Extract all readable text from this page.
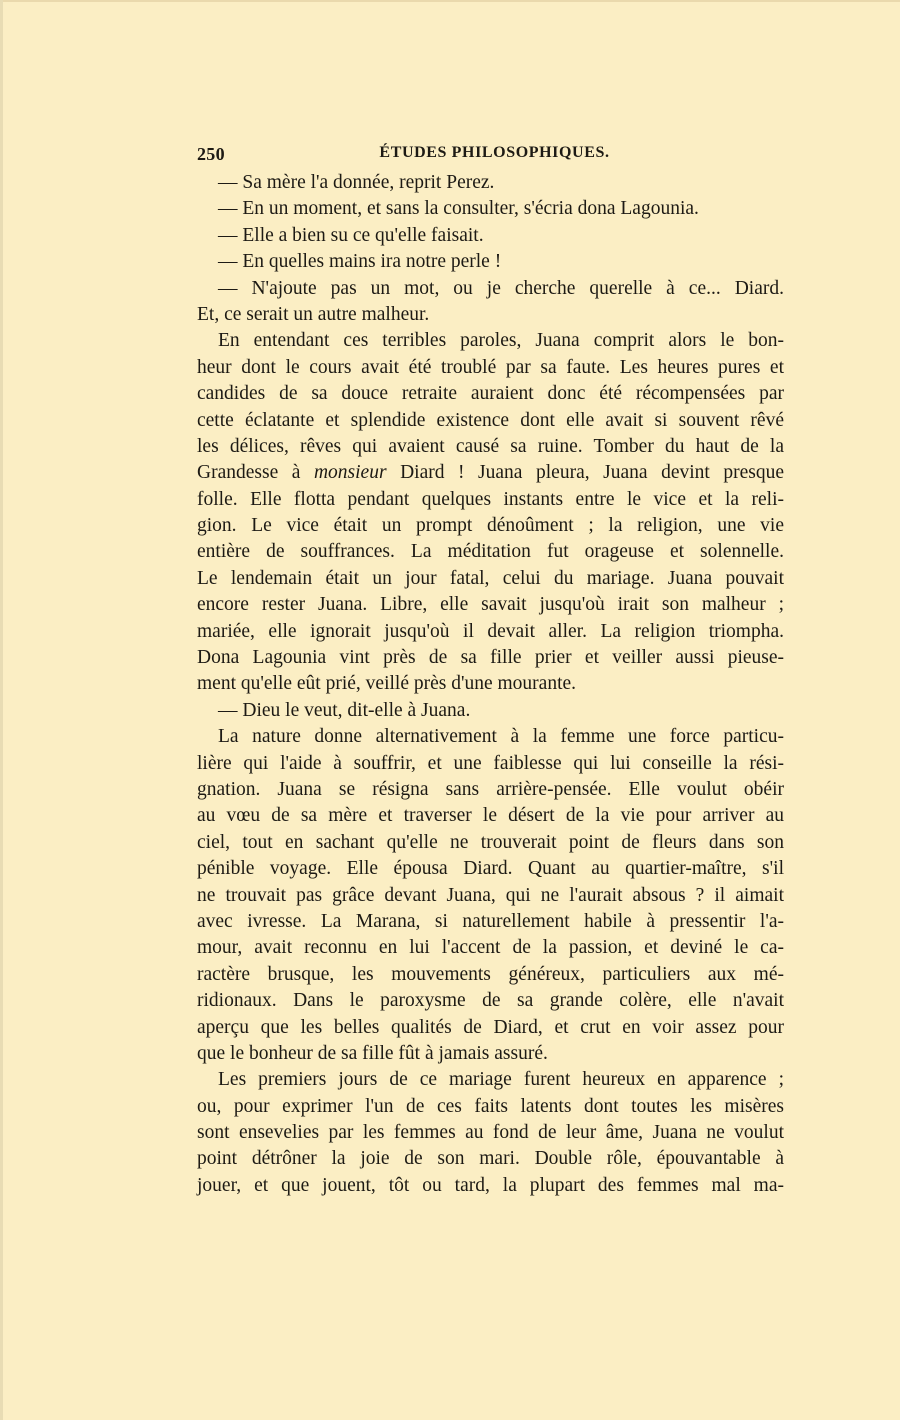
250	ÉTUDES PHILOSOPHIQUES.
— Sa mère l'a donnée, reprit Perez.
— En un moment, et sans la consulter, s'écria dona Lagounia.
— Elle a bien su ce qu'elle faisait.
— En quelles mains ira notre perle !
— N'ajoute pas un mot, ou je cherche querelle à ce... Diard.
Et, ce serait un autre malheur.
En entendant ces terribles paroles, Juana comprit alors le bon-
heur dont le cours avait été troublé par sa faute. Les heures pures et
candides de sa douce retraite auraient donc été récompensées par
cette éclatante et splendide existence dont elle avait si souvent rêvé
les délices, rêves qui avaient causé sa ruine. Tomber du haut de la
Grandesse à monsieur Diard ! Juana pleura, Juana devint presque
folle. Elle flotta pendant quelques instants entre le vice et la reli-
gion. Le vice était un prompt dénoûment ; la religion, une vie
entière de souffrances. La méditation fut orageuse et solennelle.
Le lendemain était un jour fatal, celui du mariage. Juana pouvait
encore rester Juana. Libre, elle savait jusqu'où irait son malheur ;
mariée, elle ignorait jusqu'où il devait aller. La religion triompha.
Dona Lagounia vint près de sa fille prier et veiller aussi pieuse-
ment qu'elle eût prié, veillé près d'une mourante.
— Dieu le veut, dit-elle à Juana.
La nature donne alternativement à la femme une force particu-
lière qui l'aide à souffrir, et une faiblesse qui lui conseille la rési-
gnation. Juana se résigna sans arrière-pensée. Elle voulut obéir
au vœu de sa mère et traverser le désert de la vie pour arriver au
ciel, tout en sachant qu'elle ne trouverait point de fleurs dans son
pénible voyage. Elle épousa Diard. Quant au quartier-maître, s'il
ne trouvait pas grâce devant Juana, qui ne l'aurait absous ? il aimait
avec ivresse. La Marana, si naturellement habile à pressentir l'a-
mour, avait reconnu en lui l'accent de la passion, et deviné le ca-
ractère brusque, les mouvements généreux, particuliers aux mé-
ridionaux. Dans le paroxysme de sa grande colère, elle n'avait
aperçu que les belles qualités de Diard, et crut en voir assez pour
que le bonheur de sa fille fût à jamais assuré.
Les premiers jours de ce mariage furent heureux en apparence ;
ou, pour exprimer l'un de ces faits latents dont toutes les misères
sont ensevelies par les femmes au fond de leur âme, Juana ne voulut
point détrôner la joie de son mari. Double rôle, épouvantable à
jouer, et que jouent, tôt ou tard, la plupart des femmes mal ma-
